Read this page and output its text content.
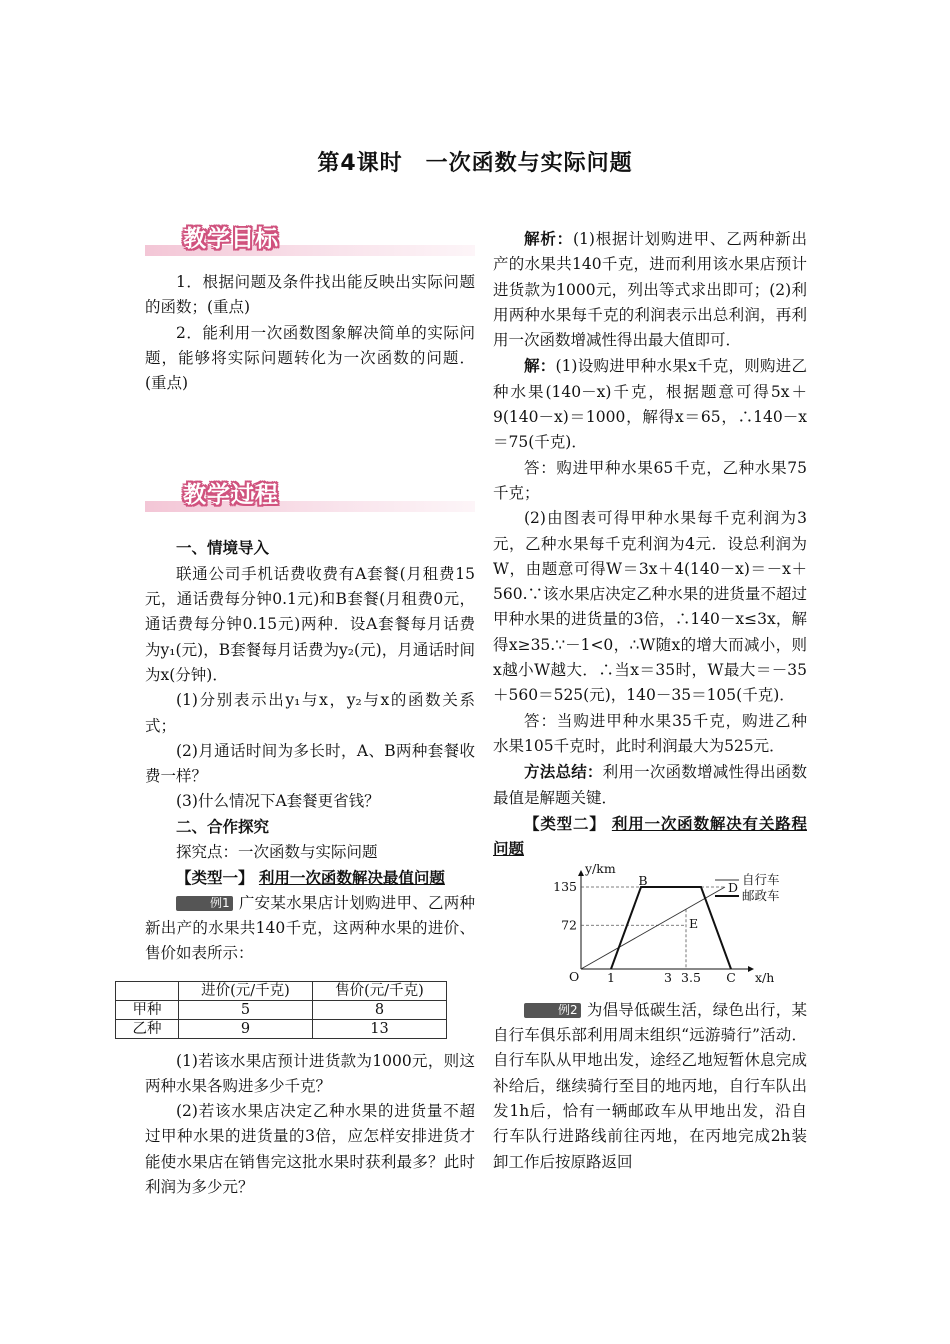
第4课时　一次函数与实际问题
教学目标

1．根据问题及条件找出能反映出实际问题的函数；(重点)

2．能利用一次函数图象解决简单的实际问题，能够将实际问题转化为一次函数的问题．(重点)

教学过程

一、情境导入

联通公司手机话费收费有A套餐(月租费15元，通话费每分钟0.1元)和B套餐(月租费0元，通话费每分钟0.15元)两种．设A套餐每月话费为y₁(元)，B套餐每月话费为y₂(元)，月通话时间为x(分钟)．

(1)分别表示出y₁与x，y₂与x的函数关系式；

(2)月通话时间为多长时，A、B两种套餐收费一样？

(3)什么情况下A套餐更省钱？

二、合作探究

探究点：一次函数与实际问题

【类型一】 利用一次函数解决最值问题

例1 广安某水果店计划购进甲、乙两种新出产的水果共140千克，这两种水果的进价、售价如表所示：

	进价(元/千克)	售价(元/千克)
甲种	5	8
乙种	9	13

(1)若该水果店预计进货款为1000元，则这两种水果各购进多少千克？

(2)若该水果店决定乙种水果的进货量不超过甲种水果的进货量的3倍，应怎样安排进货才能使水果店在销售完这批水果时获利最多？此时利润为多少元？

解析：(1)根据计划购进甲、乙两种新出产的水果共140千克，进而利用该水果店预计进货款为1000元，列出等式求出即可；(2)利用两种水果每千克的利润表示出总利润，再利用一次函数增减性得出最大值即可．

解：(1)设购进甲种水果x千克，则购进乙种水果(140－x)千克，根据题意可得5x＋9(140－x)＝1000，解得x＝65，∴140－x＝75(千克)．

答：购进甲种水果65千克，乙种水果75千克；

(2)由图表可得甲种水果每千克利润为3元，乙种水果每千克利润为4元．设总利润为W，由题意可得W＝3x＋4(140－x)＝－x＋560.∵该水果店决定乙种水果的进货量不超过甲种水果的进货量的3倍，∴140－x≤3x，解得x≥35.∵－1<0，∴W随x的增大而减小，则x越小W越大．∴当x＝35时，W最大＝－35＋560＝525(元)，140－35＝105(千克)．

答：当购进甲种水果35千克，购进乙种水果105千克时，此时利润最大为525元．

方法总结：利用一次函数增减性得出函数最值是解题关键．

【类型二】 利用一次函数解决有关路程问题

y/km
x/h
O
135
72
1	3 3.5
B
C
D
E
自行车
邮政车

例2 为倡导低碳生活，绿色出行，某自行车俱乐部利用周末组织“远游骑行”活动．自行车队从甲地出发，途经乙地短暂休息完成补给后，继续骑行至目的地丙地，自行车队出发1h后，恰有一辆邮政车从甲地出发，沿自行车队行进路线前往丙地，在丙地完成2h装卸工作后按原路返回
